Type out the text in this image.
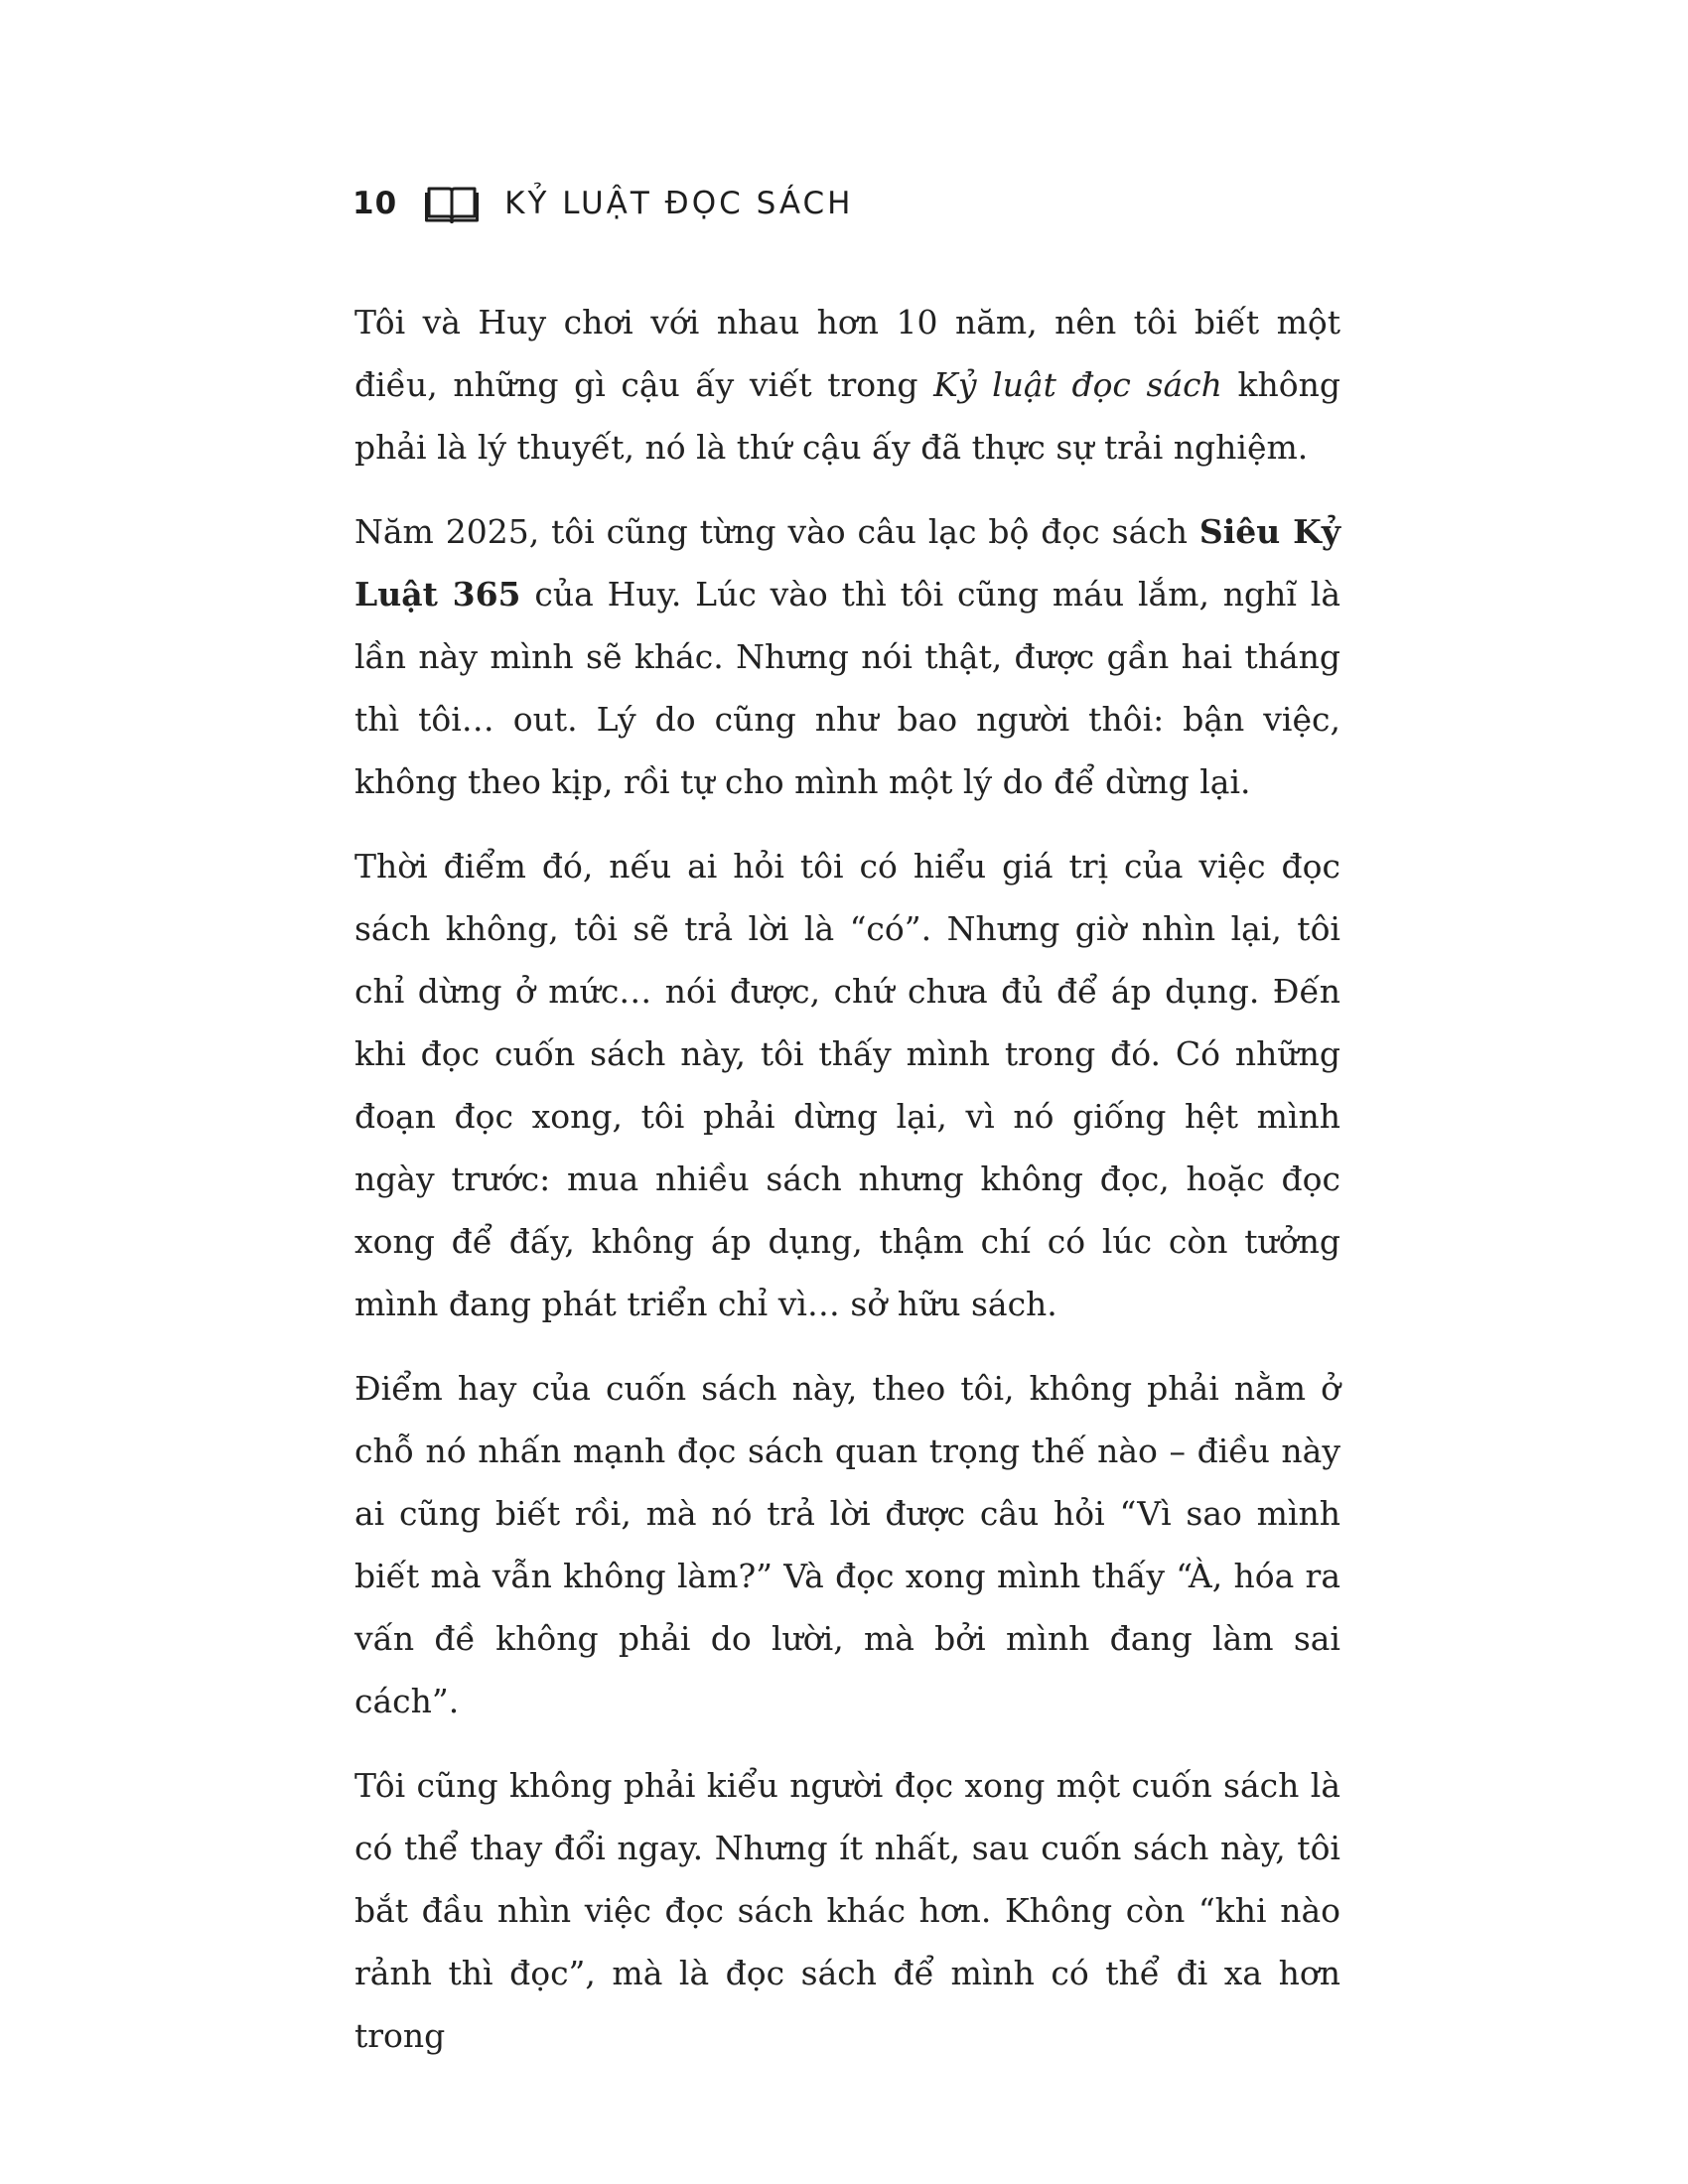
10	KỶ LUẬT ĐỌC SÁCH

Tôi và Huy chơi với nhau hơn 10 năm, nên tôi biết một điều, những gì cậu ấy viết trong Kỷ luật đọc sách không phải là lý thuyết, nó là thứ cậu ấy đã thực sự trải nghiệm.

Năm 2025, tôi cũng từng vào câu lạc bộ đọc sách Siêu Kỷ Luật 365 của Huy. Lúc vào thì tôi cũng máu lắm, nghĩ là lần này mình sẽ khác. Nhưng nói thật, được gần hai tháng thì tôi… out. Lý do cũng như bao người thôi: bận việc, không theo kịp, rồi tự cho mình một lý do để dừng lại.

Thời điểm đó, nếu ai hỏi tôi có hiểu giá trị của việc đọc sách không, tôi sẽ trả lời là “có”. Nhưng giờ nhìn lại, tôi chỉ dừng ở mức… nói được, chứ chưa đủ để áp dụng. Đến khi đọc cuốn sách này, tôi thấy mình trong đó. Có những đoạn đọc xong, tôi phải dừng lại, vì nó giống hệt mình ngày trước: mua nhiều sách nhưng không đọc, hoặc đọc xong để đấy, không áp dụng, thậm chí có lúc còn tưởng mình đang phát triển chỉ vì… sở hữu sách.

Điểm hay của cuốn sách này, theo tôi, không phải nằm ở chỗ nó nhấn mạnh đọc sách quan trọng thế nào – điều này ai cũng biết rồi, mà nó trả lời được câu hỏi “Vì sao mình biết mà vẫn không làm?” Và đọc xong mình thấy “À, hóa ra vấn đề không phải do lười, mà bởi mình đang làm sai cách”.

Tôi cũng không phải kiểu người đọc xong một cuốn sách là có thể thay đổi ngay. Nhưng ít nhất, sau cuốn sách này, tôi bắt đầu nhìn việc đọc sách khác hơn. Không còn “khi nào rảnh thì đọc”, mà là đọc sách để mình có thể đi xa hơn trong
